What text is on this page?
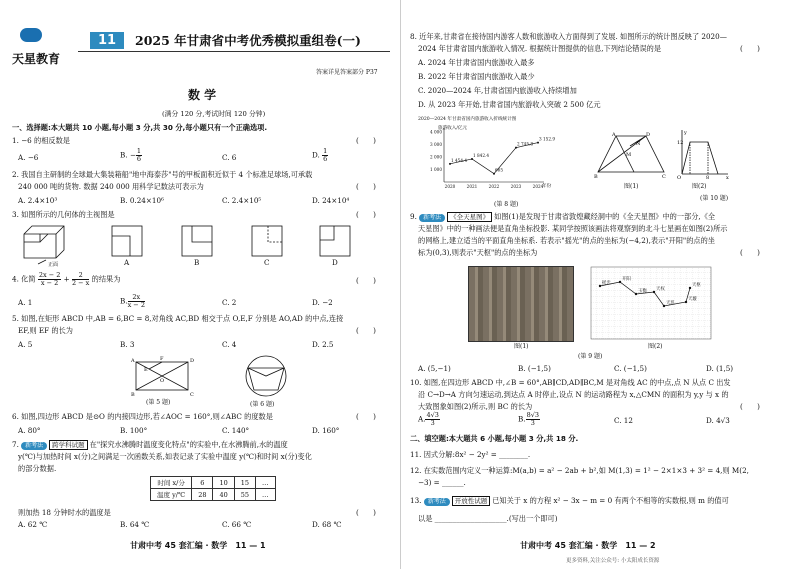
天星教育
11	2025 年甘肃省中考优秀模拟重组卷(一)
答案详见答案部分 P37
数 学
(满分 120 分,考试时间 120 分钟)
一、选择题:本大题共 10 小题,每小题 3 分,共 30 分,每小题只有一个正确选项.
1. −6 的相反数是	(　　)
A. −6	B. − $\frac{1}{6}$	C. 6	D. $\frac{1}{6}$
2. 我国自主研制的全球最大集装箱船"地中海泰莎"号的甲板面积近似于 4 个标准足球场,可承载
240 000 吨的货物. 数据 240 000 用科学记数法可表示为	(　　)
A. 2.4×10³	B. 0.24×10⁶	C. 2.4×10⁵	D. 24×10⁴
3. 如图所示的几何体的主视图是	(　　)
正面	A	B	C	D
4. 化简 $\frac{2x - 2}{x - 2} + \frac{2}{2 - x}$ 的结果为	(　　)
A. 1	B. $\frac{2x}{x - 2}$	C. 2	D. −2
5. 如图,在矩形 ABCD 中,AB = 6,BC = 8,对角线 AC,BD 相交于点 O,E,F 分别是 AO,AD 的中点,连接
EF,则 EF 的长为	(　　)
A. 5	B. 3	C. 4	D. 2.5
A	D
B	C
F
E
O
(第 5 题)	(第 6 题)
6. 如图,四边形 ABCD 是⊙O 的内接四边形,若∠AOC = 160°,则∠ABC 的度数是	(　　)
A. 80°	B. 100°	C. 140°	D. 160°
7. 新考法 跨学科试题 在"探究水沸腾时温度变化特点"的实验中,在水沸腾前,水的温度
y(℃)与加热时间 x(分)之间满足一次函数关系,如表记录了实验中温度 y(℃)和时间 x(分)变化
的部分数据.
时间 x/分	6	10	15	…
温度 y/℃	28	40	55	…
则加热 18 分钟时水的温度是	(　　)
A. 62 ℃	B. 64 ℃	C. 66 ℃	D. 68 ℃
甘肃中考 45 套汇编 · 数学　 11 — 1
8. 近年来,甘肃省在接待国内游客人数和旅游收入方面得到了发展. 如图所示的统计图反映了 2020—
2024 年甘肃省国内旅游收入情况. 根据统计图提供的信息,下列结论错误的是	(　　)
A. 2024 年甘肃省国内旅游收入最多
B. 2022 年甘肃省国内旅游收入最少
C. 2020—2024 年,甘肃省国内旅游收入持续增加
D. 从 2023 年开始,甘肃省国内旅游收入突破 2 500 亿元
2020—2024 年甘肃省国内旅游收入折线统计图
旅游收入/亿元
年份
4 000
3 000
2 000
1 000
1 454.4
2020
1 842.4
2021
665
2022
2 745.8
2023
3 152.9
2024
(第 8 题)
A	D
B	C
M
N
图(1)
12
O	8	x
y
图(2)
(第 10 题)
9. 新考法 《全天星图》 如图(1)是发现于甘肃省敦煌藏经洞中的《全天星图》中的一部分,《全
天星图》中的一种画法便是直角坐标投影. 某同学按照该画法将观察到的北斗七星画在如图(2)所示
的网格上,建立适当的平面直角坐标系. 若表示"摇光"的点的坐标为(−4,2),表示"开阳"的点的坐
标为(0,3),则表示"天枢"的点的坐标为	(　　)
图(1)
摇光
开阳
玉衡 天权
天玑
天璇
天枢
图(2)
(第 9 题)
A. (5,−1)	B. (−1,5)	C. (−1,5)	D. (1,5)
10. 如图,在四边形 ABCD 中,∠B = 60°,AB∥CD,AD∥BC,M 是对角线 AC 的中点,点 N 从点 C 出发
沿 C→D→A 方向匀速运动,到达点 A 时停止,设点 N 的运动路程为 x,△CMN 的面积为 y,y 与 x 的
大致图象如图(2)所示,则 BC 的长为	(　　)
A. $\frac{4√3}{3}$	B. $\frac{8√3}{3}$	C. 12	D. 4√3
二、填空题:本大题共 6 小题,每小题 3 分,共 18 分.
11. 因式分解:8x² − 2y² = ________.
12. 在实数范围内定义一种运算:M(a,b) = a² − 2ab + b²,如 M(1,3) = 1² − 2×1×3 + 3² = 4,则 M(2,
−3) = ______.
13. 新考法 开放性试题 已知关于 x 的方程 x² − 3x − m = 0 有两个不相等的实数根,则 m 的值可
以是 ____________________.(写出一个即可)
甘肃中考 45 套汇编 · 数学　 11 — 2
更多资料,关注公众号: 小太阳成长资源
